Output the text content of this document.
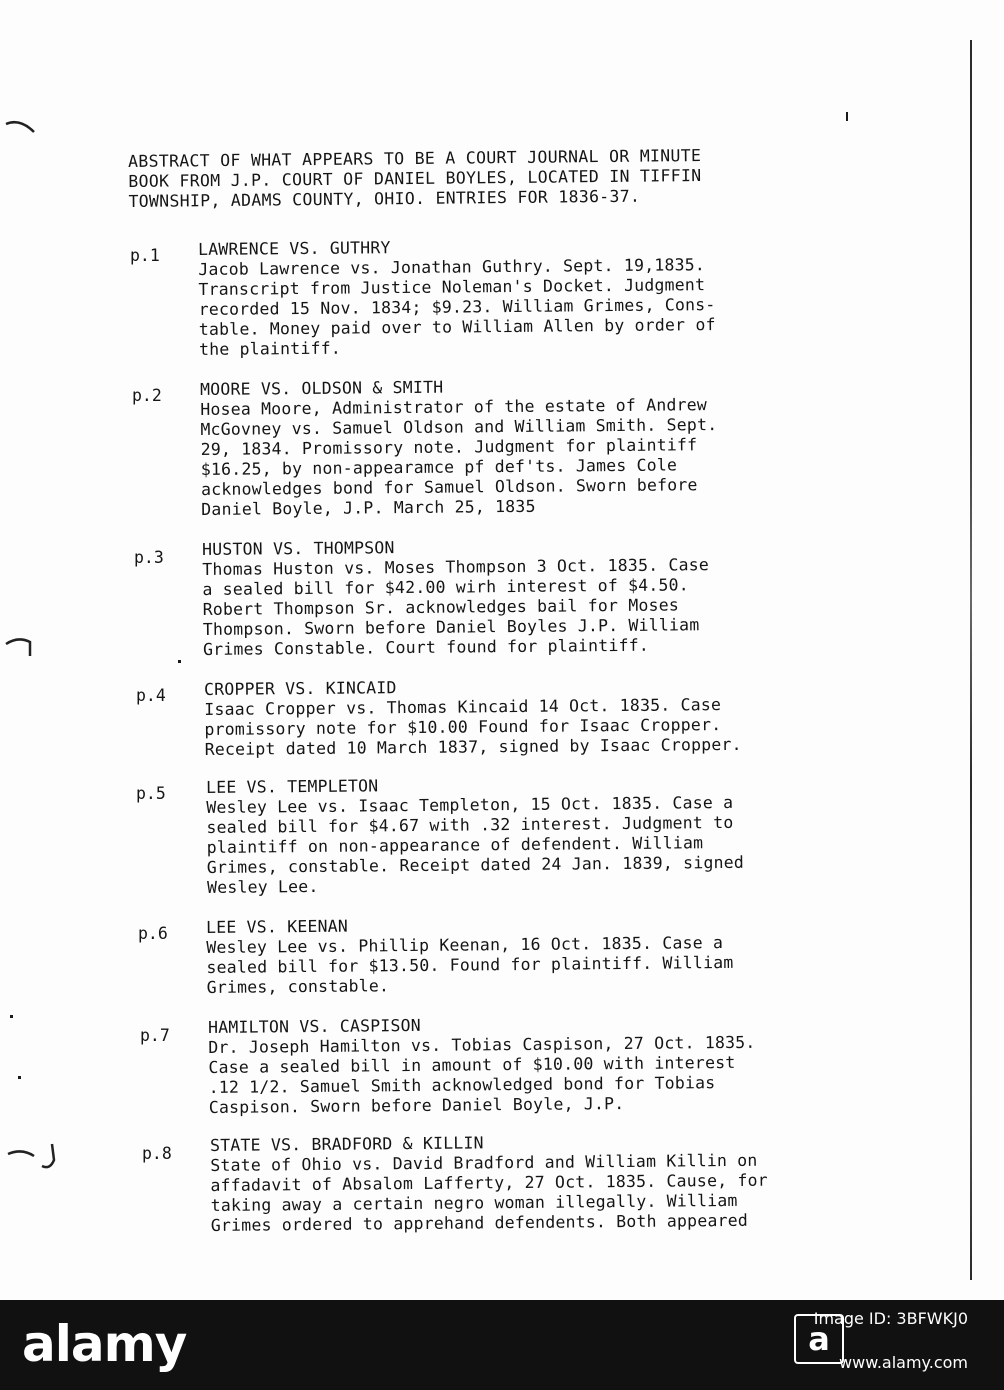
ABSTRACT OF WHAT APPEARS TO BE A COURT JOURNAL OR MINUTE
BOOK FROM J.P. COURT OF DANIEL BOYLES, LOCATED IN TIFFIN
TOWNSHIP, ADAMS COUNTY, OHIO. ENTRIES FOR 1836-37.
p.1 LAWRENCE VS. GUTHRY
Jacob Lawrence vs. Jonathan Guthry. Sept. 19,1835.
Transcript from Justice Noleman's Docket. Judgment
recorded 15 Nov. 1834; $9.23. William Grimes, Cons-
table. Money paid over to William Allen by order of
the plaintiff.
p.2 MOORE VS. OLDSON & SMITH
Hosea Moore, Administrator of the estate of Andrew
McGovney vs. Samuel Oldson and William Smith. Sept.
29, 1834. Promissory note. Judgment for plaintiff
$16.25, by non-appearamce pf def'ts. James Cole
acknowledges bond for Samuel Oldson. Sworn before
Daniel Boyle, J.P. March 25, 1835
p.3 HUSTON VS. THOMPSON
Thomas Huston vs. Moses Thompson 3 Oct. 1835. Case
a sealed bill for $42.00 wirh interest of $4.50.
Robert Thompson Sr. acknowledges bail for Moses
Thompson. Sworn before Daniel Boyles J.P. William
Grimes Constable. Court found for plaintiff.
p.4 CROPPER VS. KINCAID
Isaac Cropper vs. Thomas Kincaid 14 Oct. 1835. Case
promissory note for $10.00 Found for Isaac Cropper.
Receipt dated 10 March 1837, signed by Isaac Cropper.
p.5 LEE VS. TEMPLETON
Wesley Lee vs. Isaac Templeton, 15 Oct. 1835. Case a
sealed bill for $4.67 with .32 interest. Judgment to
plaintiff on non-appearance of defendent. William
Grimes, constable. Receipt dated 24 Jan. 1839, signed
Wesley Lee.
p.6 LEE VS. KEENAN
Wesley Lee vs. Phillip Keenan, 16 Oct. 1835. Case a
sealed bill for $13.50. Found for plaintiff. William
Grimes, constable.
p.7 HAMILTON VS. CASPISON
Dr. Joseph Hamilton vs. Tobias Caspison, 27 Oct. 1835.
Case a sealed bill in amount of $10.00 with interest
.12 1/2. Samuel Smith acknowledged bond for Tobias
Caspison. Sworn before Daniel Boyle, J.P.
p.8 STATE VS. BRADFORD & KILLIN
State of Ohio vs. David Bradford and William Killin on
affadavit of Absalom Lafferty, 27 Oct. 1835. Cause, for
taking away a certain negro woman illegally. William
Grimes ordered to apprehand defendents. Both appeared
alamy	a
Image ID: 3BFWKJ0
www.alamy.com
